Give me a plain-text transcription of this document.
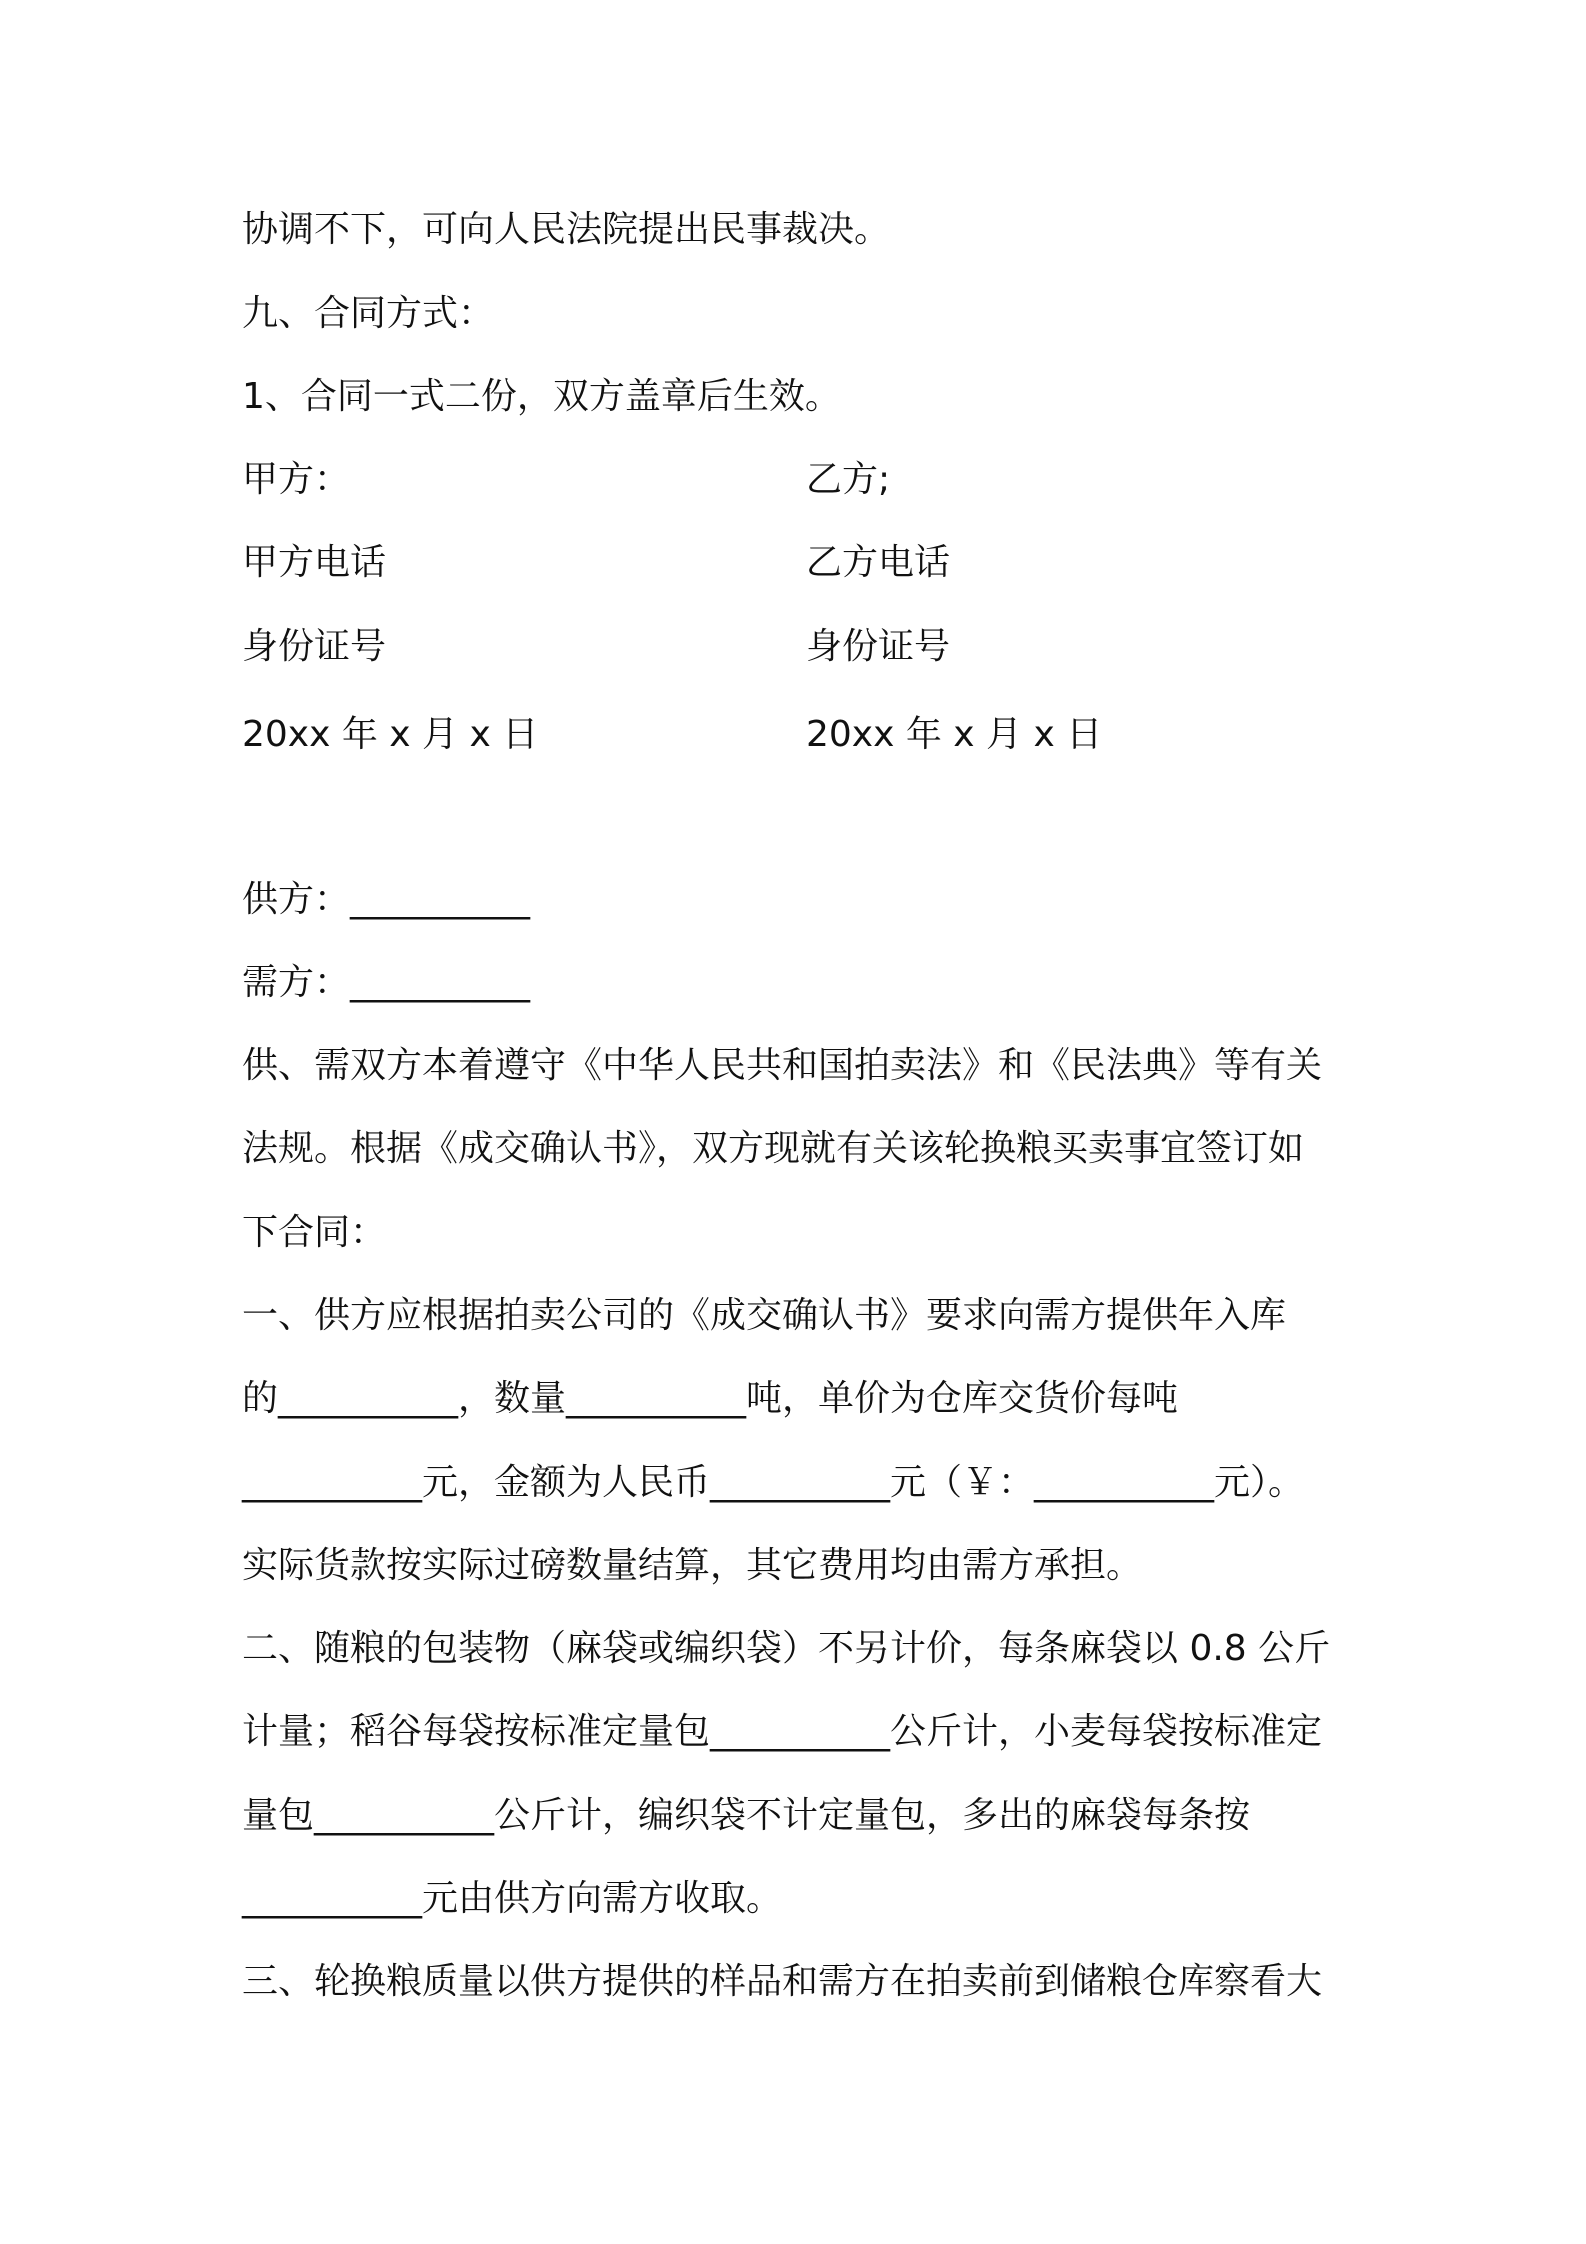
协调不下，可向人民法院提出民事裁决。
九、合同方式：
1、合同一式二份，双方盖章后生效。
甲方：	乙方;
甲方电话	乙方电话
身份证号	身份证号
20xx 年 x 月 x 日	20xx 年 x 月 x 日
供方：__________
需方：__________
供、需双方本着遵守《中华人民共和国拍卖法》和《民法典》等有关
法规。根据《成交确认书》，双方现就有关该轮换粮买卖事宜签订如
下合同：
一、供方应根据拍卖公司的《成交确认书》要求向需方提供年入库
的__________，数量__________吨，单价为仓库交货价每吨
__________元，金额为人民币__________元（￥：__________元）。
实际货款按实际过磅数量结算，其它费用均由需方承担。
二、随粮的包装物（麻袋或编织袋）不另计价，每条麻袋以 0.8 公斤
计量；稻谷每袋按标准定量包__________公斤计，小麦每袋按标准定
量包__________公斤计，编织袋不计定量包，多出的麻袋每条按
__________元由供方向需方收取。
三、轮换粮质量以供方提供的样品和需方在拍卖前到储粮仓库察看大
